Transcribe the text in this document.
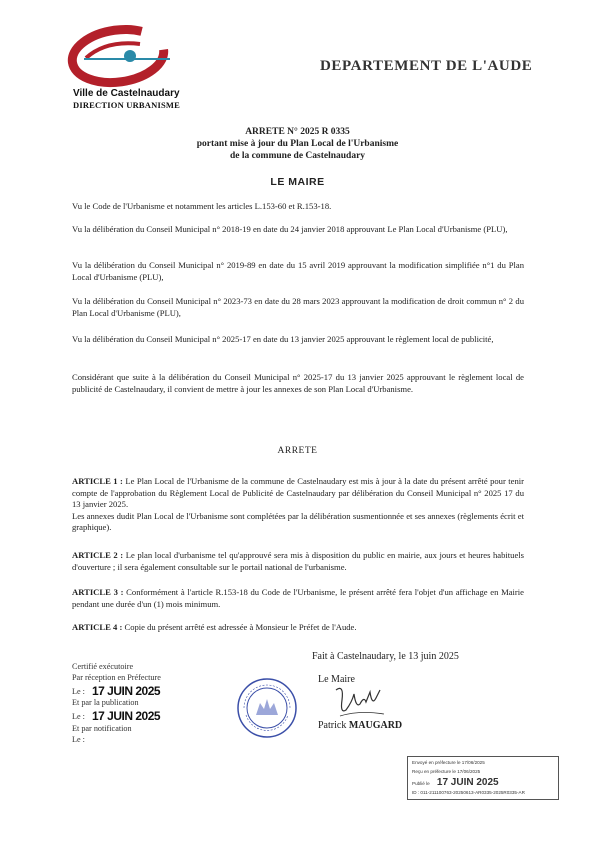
Ville de Castelnaudary
DIRECTION URBANISME
DEPARTEMENT DE L'AUDE
ARRETE N° 2025 R 0335
portant mise à jour du Plan Local de l'Urbanisme
de la commune de Castelnaudary
LE MAIRE
Vu le Code de l'Urbanisme et notamment les articles L.153-60 et R.153-18.
Vu la délibération du Conseil Municipal n° 2018-19 en date du 24 janvier 2018 approuvant Le Plan Local d'Urbanisme (PLU),
Vu la délibération du Conseil Municipal n° 2019-89 en date du 15 avril 2019 approuvant la modification simplifiée n°1 du Plan Local d'Urbanisme (PLU),
Vu la délibération du Conseil Municipal n° 2023-73 en date du 28 mars 2023 approuvant la modification de droit commun n° 2 du Plan Local d'Urbanisme (PLU),
Vu la délibération du Conseil Municipal n° 2025-17 en date du 13 janvier 2025 approuvant le règlement local de publicité,
Considérant que suite à la délibération du Conseil Municipal n° 2025-17 du 13 janvier 2025 approuvant le règlement local de publicité de Castelnaudary, il convient de mettre à jour les annexes de son Plan Local d'Urbanisme.
ARRETE
ARTICLE 1 : Le Plan Local de l'Urbanisme de la commune de Castelnaudary est mis à jour à la date du présent arrêté pour tenir compte de l'approbation du Règlement Local de Publicité de Castelnaudary par délibération du Conseil Municipal n° 2025 17 du 13 janvier 2025.
Les annexes dudit Plan Local de l'Urbanisme sont complétées par la délibération susmentionnée et ses annexes (règlements écrit et graphique).
ARTICLE 2 : Le plan local d'urbanisme tel qu'approuvé sera mis à disposition du public en mairie, aux jours et heures habituels d'ouverture ; il sera également consultable sur le portail national de l'urbanisme.
ARTICLE 3 : Conformément à l'article R.153-18 du Code de l'Urbanisme, le présent arrêté fera l'objet d'un affichage en Mairie pendant une durée d'un (1) mois minimum.
ARTICLE 4 : Copie du présent arrêté est adressée à Monsieur le Préfet de l'Aude.
Certifié exécutoire
Par réception en Préfecture
Le : 17 JUIN 2025
Et par la publication
Le : 17 JUIN 2025
Et par notification
Le :
Fait à Castelnaudary, le 13 juin 2025
Le Maire
Patrick MAUGARD
Envoyé en préfecture le 17/06/2025
Reçu en préfecture le 17/06/2025
Publié le 17 JUIN 2025
ID : 011-211100763-20250613-AR0335-2025R0335-AR
